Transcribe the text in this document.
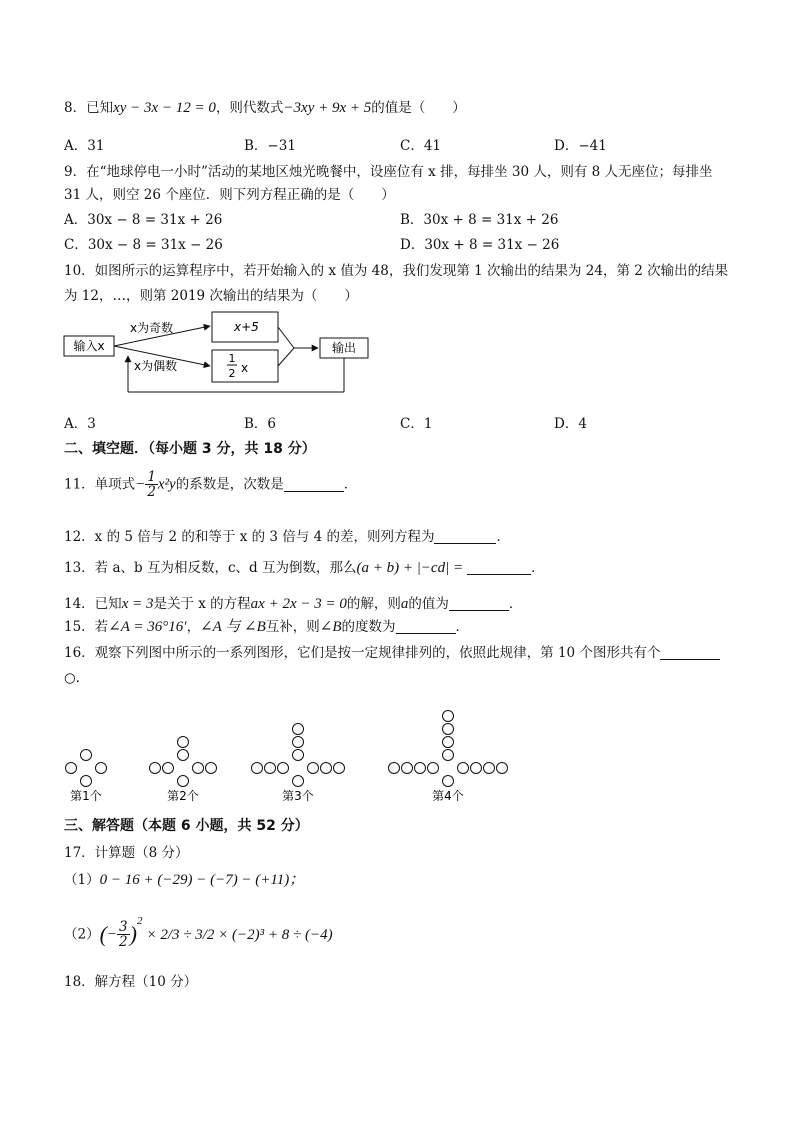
8．已知xy − 3x − 12 = 0，则代数式−3xy + 9x + 5的值是（　　）
A．31	B．−31	C．41	D．−41
9．在“地球停电一小时”活动的某地区烛光晚餐中，设座位有 x 排，每排坐 30 人，则有 8 人无座位；每排坐
31 人，则空 26 个座位．则下列方程正确的是（　　）
A．30x − 8 = 31x + 26	B．30x + 8 = 31x + 26
C．30x − 8 = 31x − 26	D．30x + 8 = 31x − 26
10．如图所示的运算程序中，若开始输入的 x 值为 48，我们发现第 1 次输出的结果为 24，第 2 次输出的结果
为 12，…，则第 2019 次输出的结果为（　　）
输入x
x为奇数
x为偶数
x+5
1
2 x
输出
A．3	B．6	C．1	D．4
二、填空题．（每小题 3 分，共 18 分）
11．单项式− $\frac{1}{2} x^2y$的系数是，次数是	．
12．x 的 5 倍与 2 的和等于 x 的 3 倍与 4 的差，则列方程为	．
13．若 a、b 互为相反数，c、d 互为倒数，那么(a + b) + |−cd| =	．
14．已知x = 3是关于 x 的方程ax + 2x − 3 = 0的解，则a的值为	．
15．若∠A = 36°16′，∠A 与 ∠B互补，则∠B的度数为	．
16．观察下列图中所示的一系列图形，它们是按一定规律排列的，依照此规律，第 10 个图形共有个
○．
第1个	第2个	第3个	第4个
三、解答题（本题 6 小题，共 52 分）
17．计算题（8 分）
（1）0 − 16 + (−29) − (−7) − (+11)；
$(2)(- \frac{3}{2} )^2\times 2/3 \div 3/2 \times (-2)^3 + 8 \div (-4)$
18．解方程（10 分）
